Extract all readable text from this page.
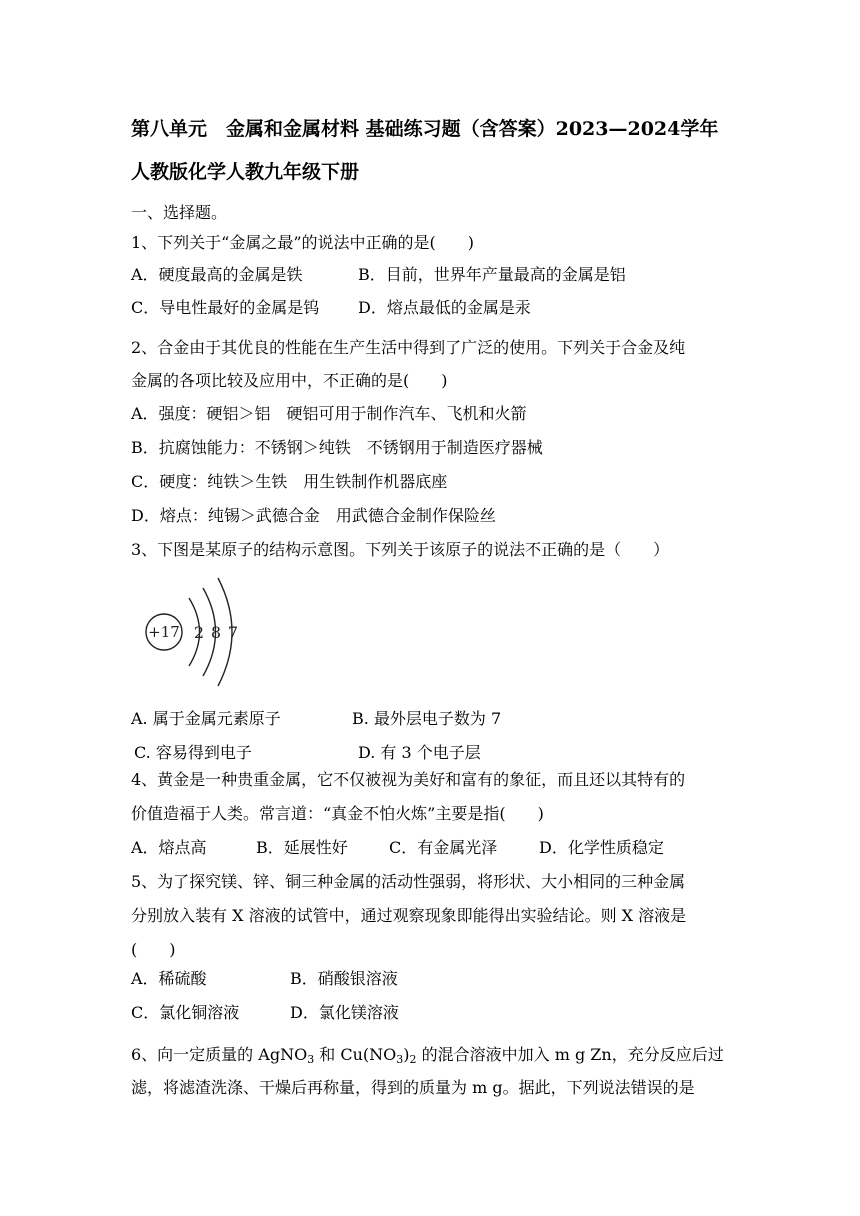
第八单元　金属和金属材料 基础练习题（含答案）2023—2024学年
人教版化学人教九年级下册
一、选择题。
1、下列关于“金属之最”的说法中正确的是(　　)
A．硬度最高的金属是铁	B．目前，世界年产量最高的金属是铝
C．导电性最好的金属是钨 D．熔点最低的金属是汞
2、合金由于其优良的性能在生产生活中得到了广泛的使用。下列关于合金及纯
金属的各项比较及应用中，不正确的是(　　)
A．强度：硬铝＞铝　硬铝可用于制作汽车、飞机和火箭
B．抗腐蚀能力：不锈钢＞纯铁　不锈钢用于制造医疗器械
C．硬度：纯铁＞生铁　用生铁制作机器底座
D．熔点：纯锡＞武德合金　用武德合金制作保险丝
3、下图是某原子的结构示意图。下列关于该原子的说法不正确的是（　　）
+17 2 8 7
A. 属于金属元素原子	B. 最外层电子数为 7
C. 容易得到电子	D. 有 3 个电子层
4、黄金是一种贵重金属，它不仅被视为美好和富有的象征，而且还以其特有的
价值造福于人类。常言道：“真金不怕火炼”主要是指(　　)
A．熔点高	B．延展性好	C．有金属光泽	D．化学性质稳定
5、为了探究镁、锌、铜三种金属的活动性强弱，将形状、大小相同的三种金属
分别放入装有 X 溶液的试管中，通过观察现象即能得出实验结论。则 X 溶液是
(　　)
A．稀硫酸	B．硝酸银溶液
C．氯化铜溶液	D．氯化镁溶液
6、向一定质量的 AgNO$_3$ 和 $Cu(NO_3)_2$ 的混合溶液中加入 m g Zn，充分反应后过
滤，将滤渣洗涤、干燥后再称量，得到的质量为 m g。据此，下列说法错误的是
